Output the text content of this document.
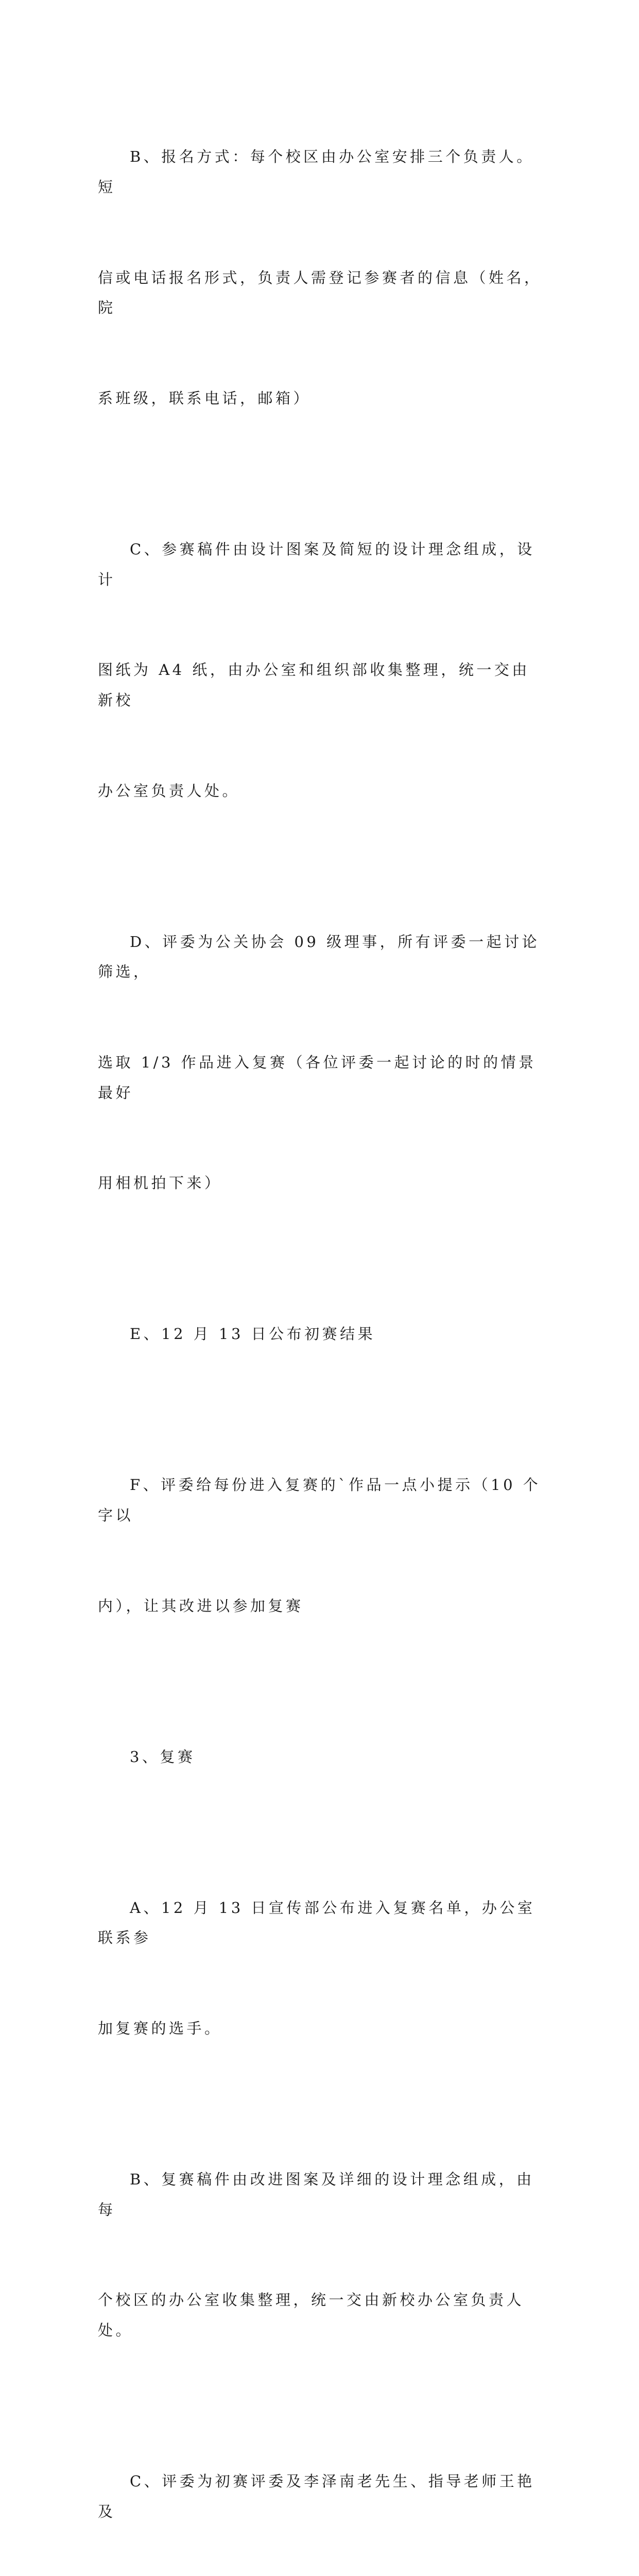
B、报名方式：每个校区由办公室安排三个负责人。短

信或电话报名形式，负责人需登记参赛者的信息（姓名，院

系班级，联系电话，邮箱）

C、参赛稿件由设计图案及简短的设计理念组成，设计

图纸为 A4 纸，由办公室和组织部收集整理，统一交由新校

办公室负责人处。

D、评委为公关协会 09 级理事，所有评委一起讨论筛选，

选取 1/3 作品进入复赛（各位评委一起讨论的时的情景最好

用相机拍下来）

E、12 月 13 日公布初赛结果

F、评委给每份进入复赛的`作品一点小提示（10 个字以

内），让其改进以参加复赛

3、复赛

A、12 月 13 日宣传部公布进入复赛名单，办公室联系参

加复赛的选手。

B、复赛稿件由改进图案及详细的设计理念组成，由每

个校区的办公室收集整理，统一交由新校办公室负责人处。

C、评委为初赛评委及李泽南老先生、指导老师王艳及
